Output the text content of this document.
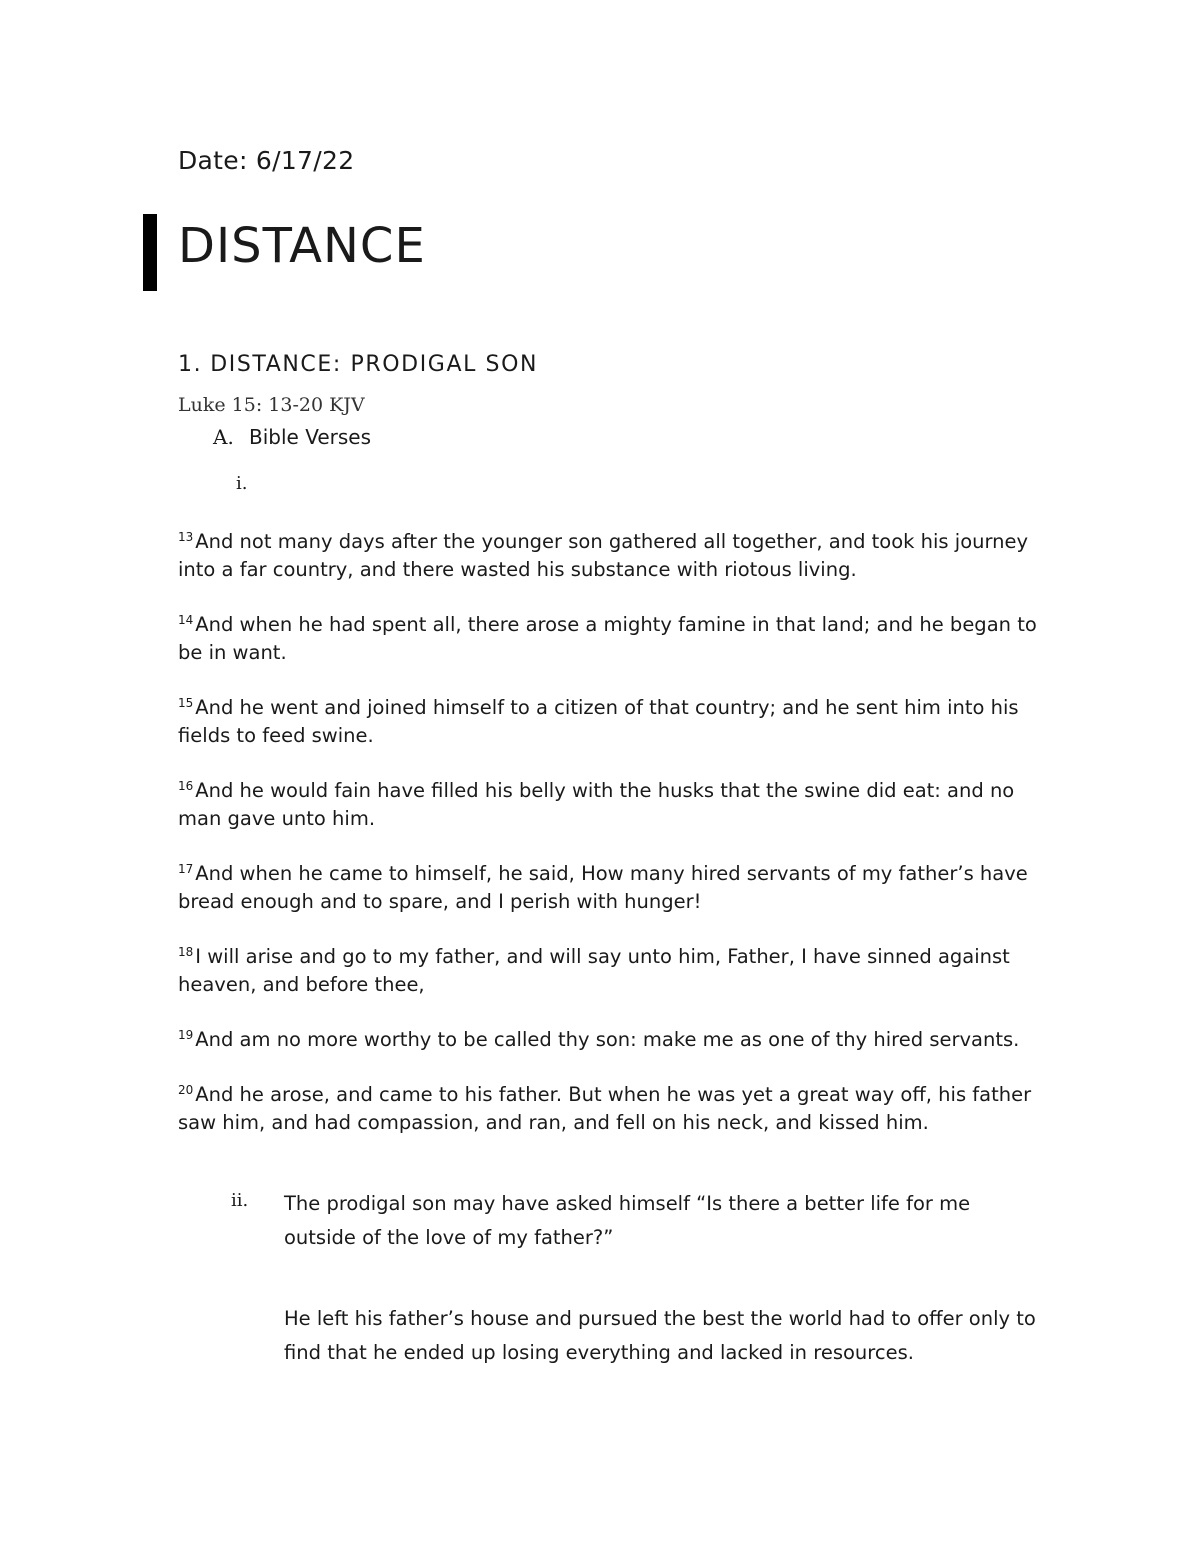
Date: 6/17/22
DISTANCE
1. DISTANCE: PRODIGAL SON
Luke 15: 13-20 KJV
A. Bible Verses
i.

$^{13}$ And not many days after the younger son gathered all together, and took his journey into a far country, and there wasted his substance with riotous living.

$^{14}$ And when he had spent all, there arose a mighty famine in that land; and he began to be in want.

$^{15}$ And he went and joined himself to a citizen of that country; and he sent him into his fields to feed swine.

$^{16}$ And he would fain have filled his belly with the husks that the swine did eat: and no man gave unto him.

$^{17}$ And when he came to himself, he said, How many hired servants of my father’s have bread enough and to spare, and I perish with hunger!

$^{18}$ I will arise and go to my father, and will say unto him, Father, I have sinned against heaven, and before thee,

$^{19}$ And am no more worthy to be called thy son: make me as one of thy hired servants.

$^{20}$ And he arose, and came to his father. But when he was yet a great way off, his father saw him, and had compassion, and ran, and fell on his neck, and kissed him.

ii. The prodigal son may have asked himself “Is there a better life for me outside of the love of my father?”
He left his father’s house and pursued the best the world had to offer only to find that he ended up losing everything and lacked in resources.
